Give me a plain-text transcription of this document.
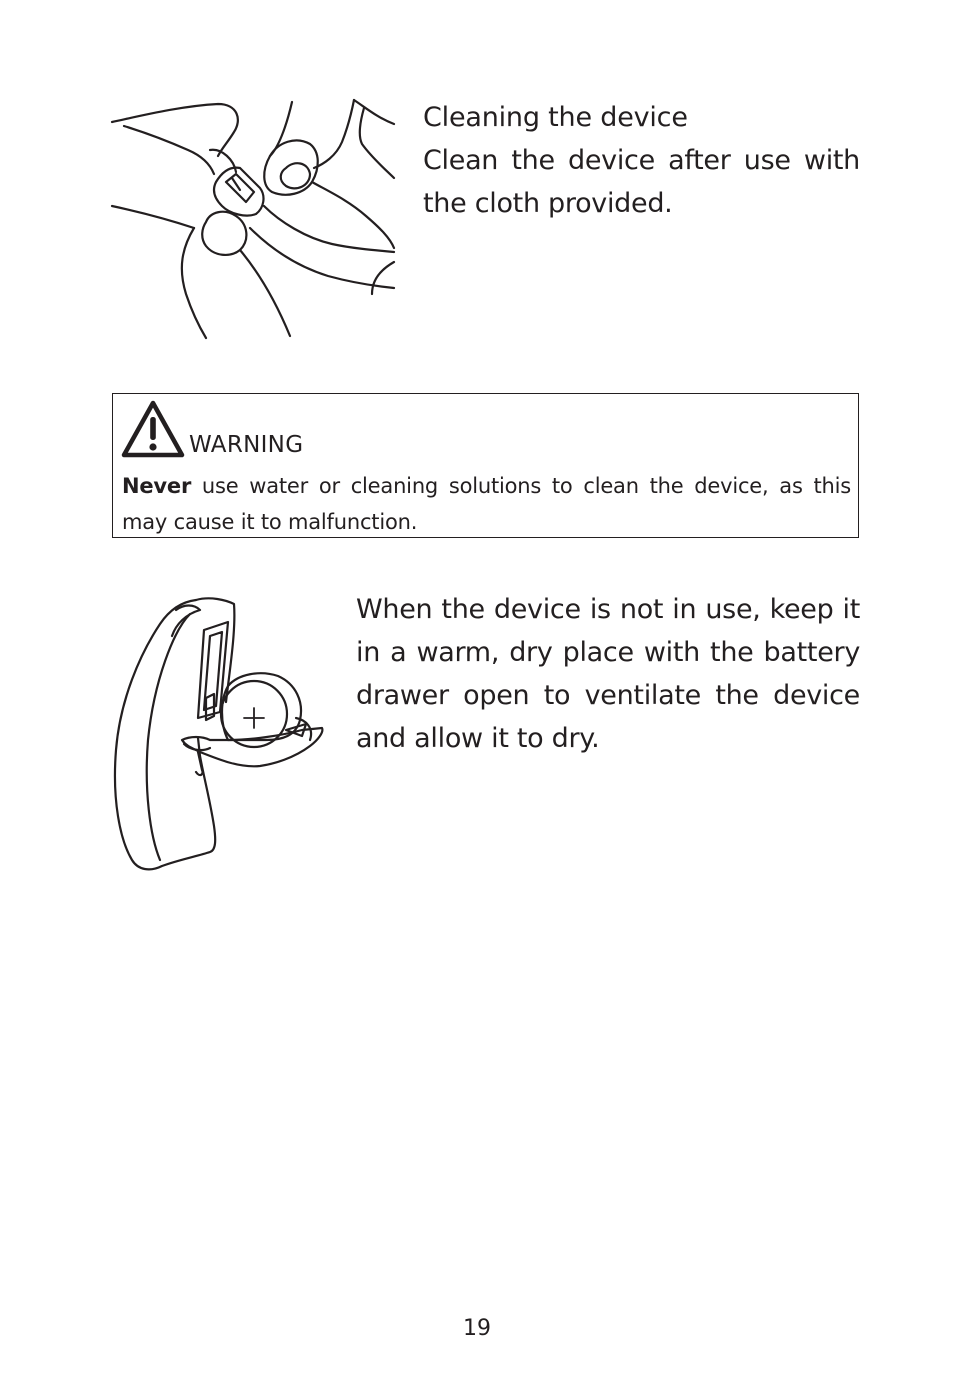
Cleaning the device

Clean the device after use with the cloth provided.

WARNING

Never use water or cleaning solutions to clean the device, as this may cause it to malfunction.

When the device is not in use, keep it in a warm, dry place with the battery drawer open to ventilate the device and allow it to dry.

19
